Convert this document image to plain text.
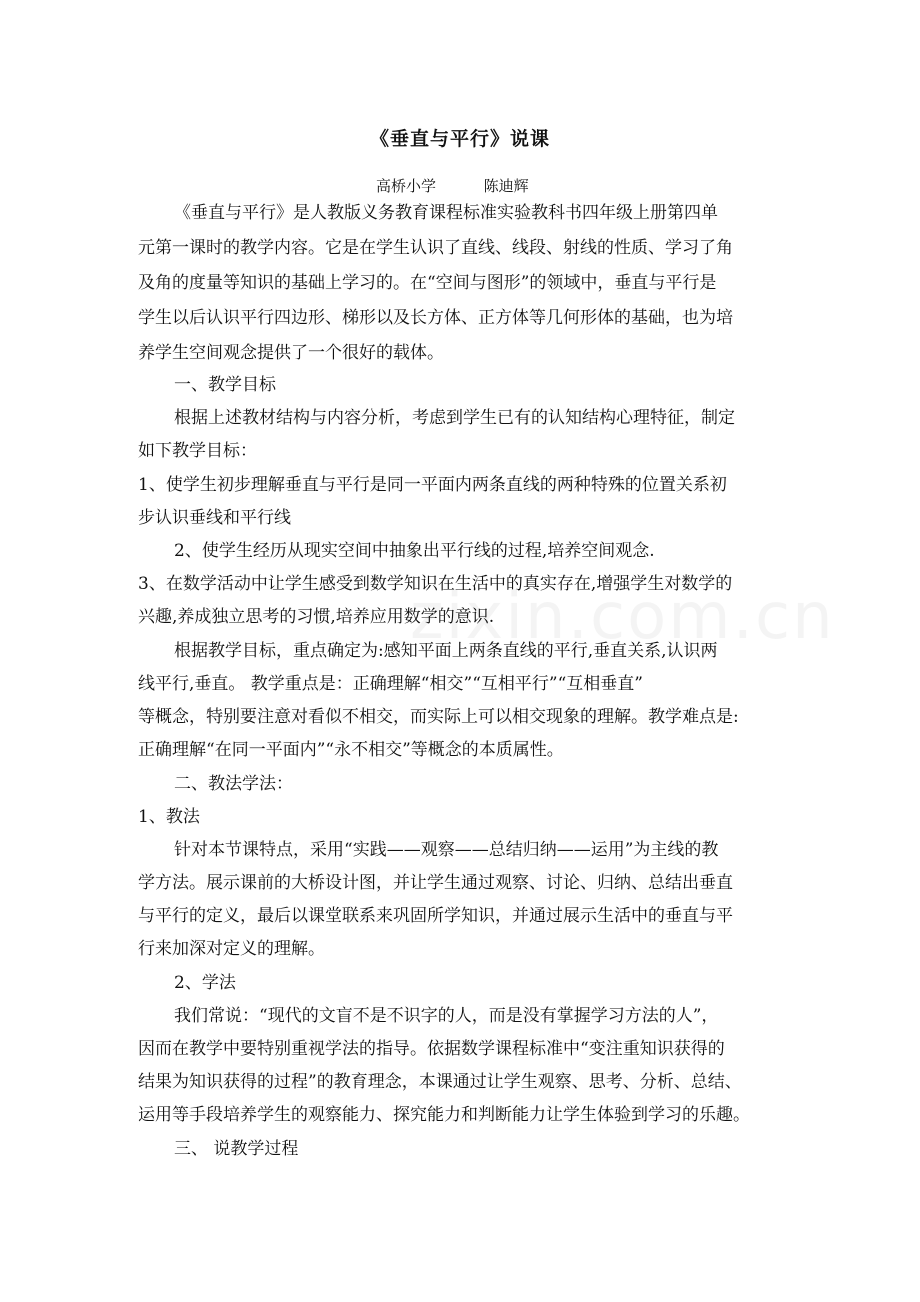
《垂直与平行》说课
高桥小学          陈迪辉
《垂直与平行》是人教版义务教育课程标准实验教科书四年级上册第四单
元第一课时的教学内容。它是在学生认识了直线、线段、射线的性质、学习了角
及角的度量等知识的基础上学习的。在“空间与图形”的领域中，垂直与平行是
学生以后认识平行四边形、梯形以及长方体、正方体等几何形体的基础，也为培
养学生空间观念提供了一个很好的载体。
一、教学目标
根据上述教材结构与内容分析，考虑到学生已有的认知结构心理特征，制定
如下教学目标：
1、使学生初步理解垂直与平行是同一平面内两条直线的两种特殊的位置关系初
步认识垂线和平行线
2、使学生经历从现实空间中抽象出平行线的过程,培养空间观念.
3、在数学活动中让学生感受到数学知识在生活中的真实存在,增强学生对数学的
兴趣,养成独立思考的习惯,培养应用数学的意识.
根据教学目标，重点确定为:感知平面上两条直线的平行,垂直关系,认识两
线平行,垂直。 教学重点是：正确理解“相交”“互相平行”“互相垂直”
等概念，特别要注意对看似不相交，而实际上可以相交现象的理解。教学难点是:
正确理解“在同一平面内”“永不相交”等概念的本质属性。
二、教法学法：
1、教法
针对本节课特点，采用“实践——观察——总结归纳——运用”为主线的教
学方法。展示课前的大桥设计图，并让学生通过观察、讨论、归纳、总结出垂直
与平行的定义，最后以课堂联系来巩固所学知识，并通过展示生活中的垂直与平
行来加深对定义的理解。
2、学法
我们常说：“现代的文盲不是不识字的人，而是没有掌握学习方法的人”，
因而在教学中要特别重视学法的指导。依据数学课程标准中“变注重知识获得的
结果为知识获得的过程”的教育理念，本课通过让学生观察、思考、分析、总结、
运用等手段培养学生的观察能力、探究能力和判断能力让学生体验到学习的乐趣。
三、 说教学过程
